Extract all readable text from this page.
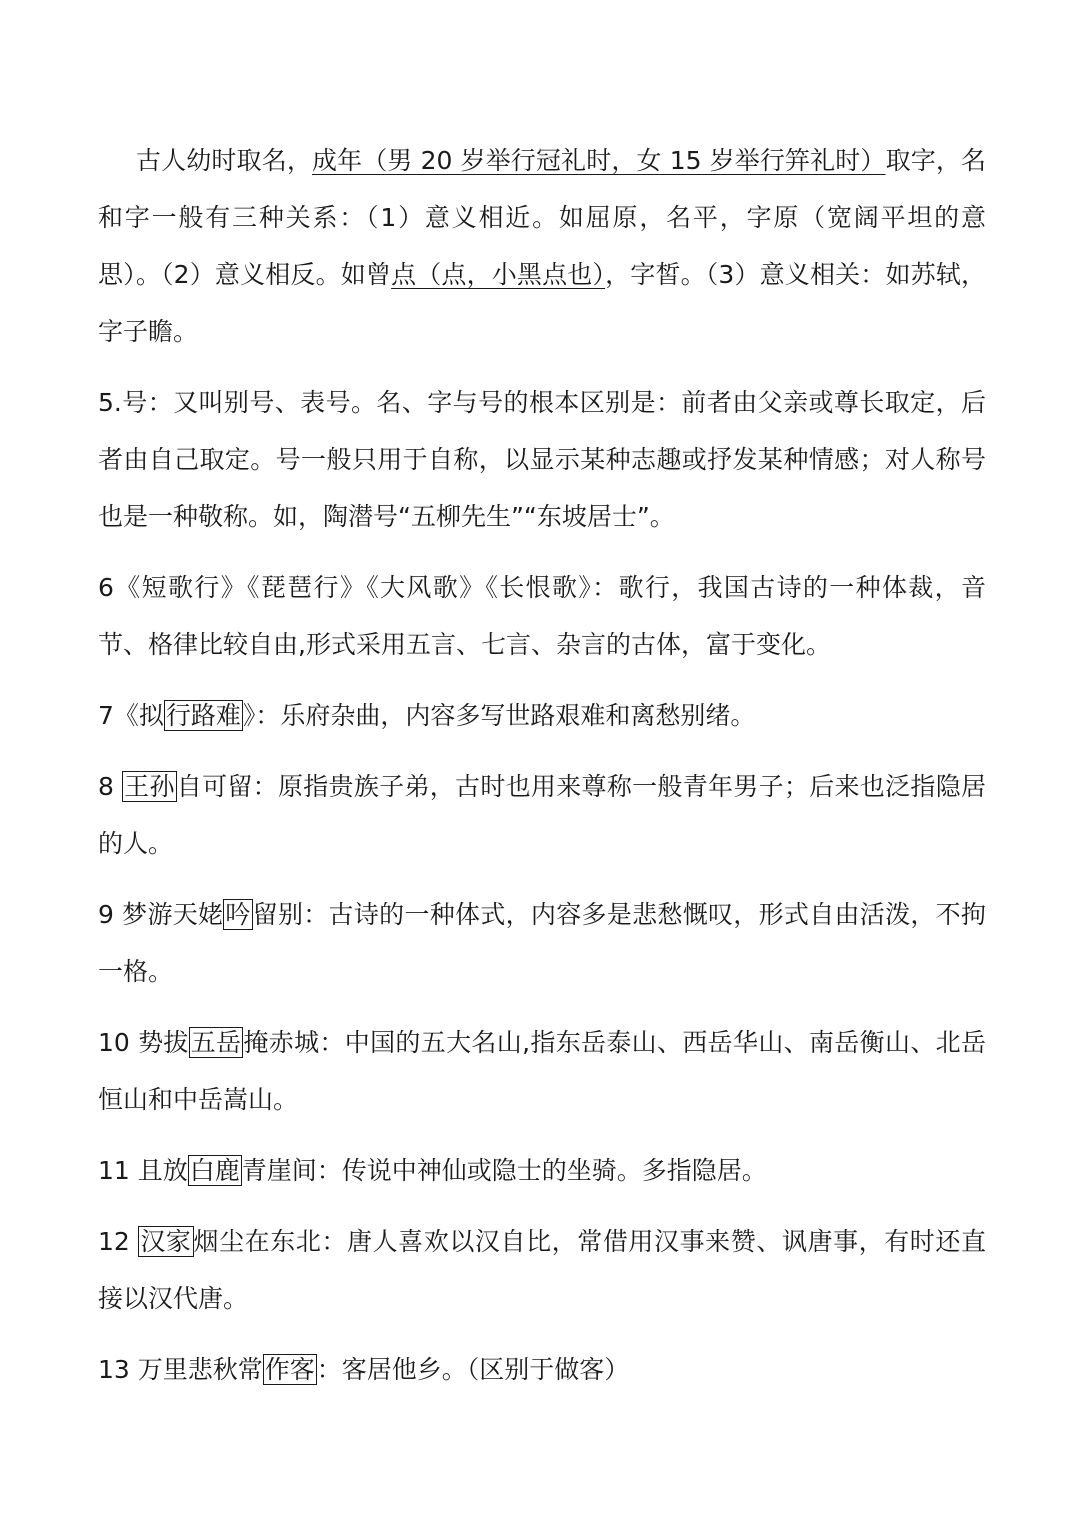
古人幼时取名，成年（男 20 岁举行冠礼时，女 15 岁举行笄礼时）取字，名和字一般有三种关系：（1）意义相近。如屈原，名平，字原（宽阔平坦的意思）。（2）意义相反。如曾点（点，小黑点也），字皙。（3）意义相关：如苏轼，字子瞻。

5.号：又叫别号、表号。名、字与号的根本区别是：前者由父亲或尊长取定，后者由自己取定。号一般只用于自称，以显示某种志趣或抒发某种情感；对人称号也是一种敬称。如，陶潜号“五柳先生”“东坡居士”。

6《短歌行》《琵琶行》《大风歌》《长恨歌》：歌行，我国古诗的一种体裁，音节、格律比较自由,形式采用五言、七言、杂言的古体，富于变化。

7《拟行路难》：乐府杂曲，内容多写世路艰难和离愁别绪。

8 王孙自可留：原指贵族子弟，古时也用来尊称一般青年男子；后来也泛指隐居的人。

9 梦游天姥吟留别：古诗的一种体式，内容多是悲愁慨叹，形式自由活泼，不拘一格。

10 势拔五岳掩赤城：中国的五大名山,指东岳泰山、西岳华山、南岳衡山、北岳恒山和中岳嵩山。

11 且放白鹿青崖间：传说中神仙或隐士的坐骑。多指隐居。

12 汉家烟尘在东北：唐人喜欢以汉自比，常借用汉事来赞、讽唐事，有时还直接以汉代唐。

13 万里悲秋常作客：客居他乡。（区别于做客）
